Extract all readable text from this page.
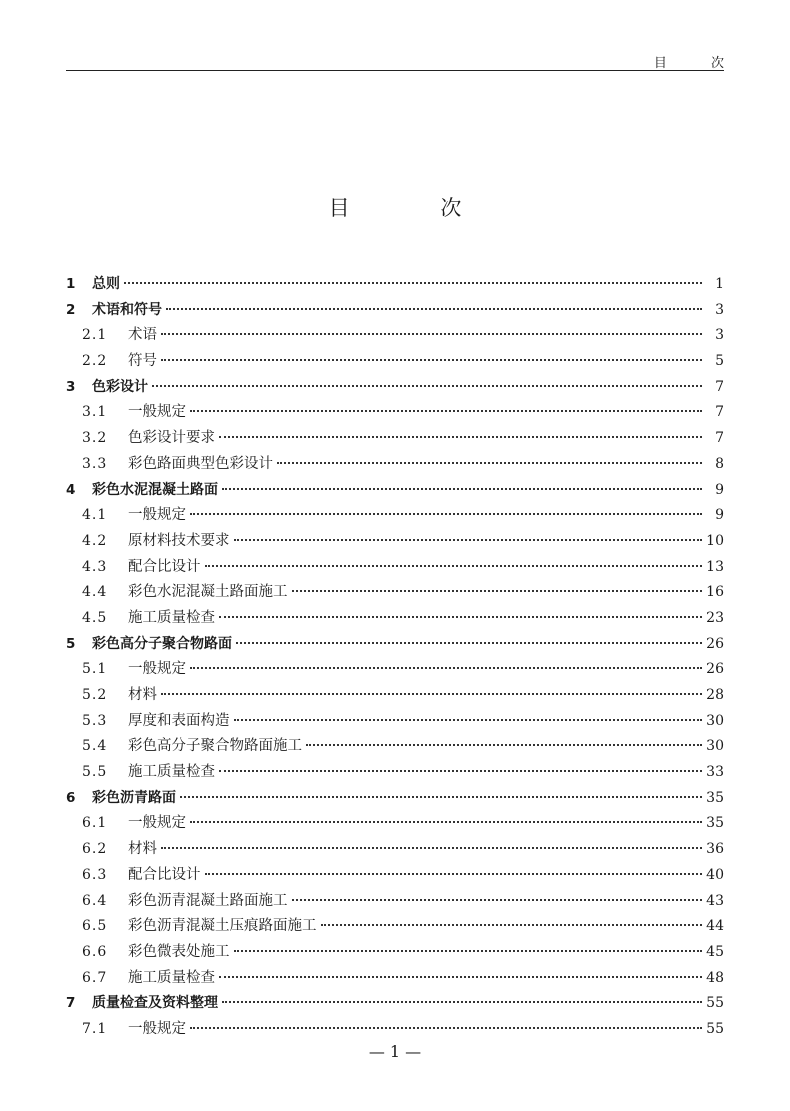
目 次
目 次
1	总则	1
2	术语和符号	3
2.1	术语	3
2.2	符号	5
3	色彩设计	7
3.1	一般规定	7
3.2	色彩设计要求	7
3.3	彩色路面典型色彩设计	8
4	彩色水泥混凝土路面	9
4.1	一般规定	9
4.2	原材料技术要求	10
4.3	配合比设计	13
4.4	彩色水泥混凝土路面施工	16
4.5	施工质量检查	23
5	彩色高分子聚合物路面	26
5.1	一般规定	26
5.2	材料	28
5.3	厚度和表面构造	30
5.4	彩色高分子聚合物路面施工	30
5.5	施工质量检查	33
6	彩色沥青路面	35
6.1	一般规定	35
6.2	材料	36
6.3	配合比设计	40
6.4	彩色沥青混凝土路面施工	43
6.5	彩色沥青混凝土压痕路面施工	44
6.6	彩色微表处施工	45
6.7	施工质量检查	48
7	质量检查及资料整理	55
7.1	一般规定	55
— 1 —
